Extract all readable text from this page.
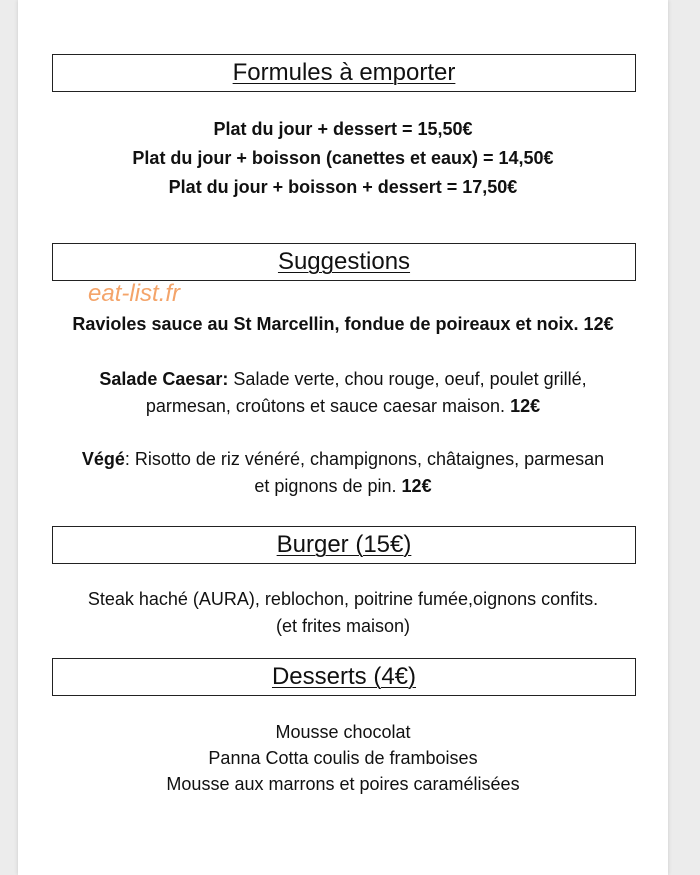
Formules à emporter
Plat du jour + dessert = 15,50€
Plat du jour + boisson (canettes et eaux) = 14,50€
Plat du jour + boisson + dessert = 17,50€
Suggestions
eat-list.fr
Ravioles sauce au St Marcellin, fondue de poireaux et noix. 12€
Salade Caesar: Salade verte, chou rouge, oeuf, poulet grillé,
parmesan, croûtons et sauce caesar maison. 12€
Végé: Risotto de riz vénéré, champignons, châtaignes, parmesan
et pignons de pin. 12€
Burger (15€)
Steak haché (AURA), reblochon, poitrine fumée,oignons confits.
(et frites maison)
Desserts (4€)
Mousse chocolat
Panna Cotta coulis de framboises
Mousse aux marrons et poires caramélisées
